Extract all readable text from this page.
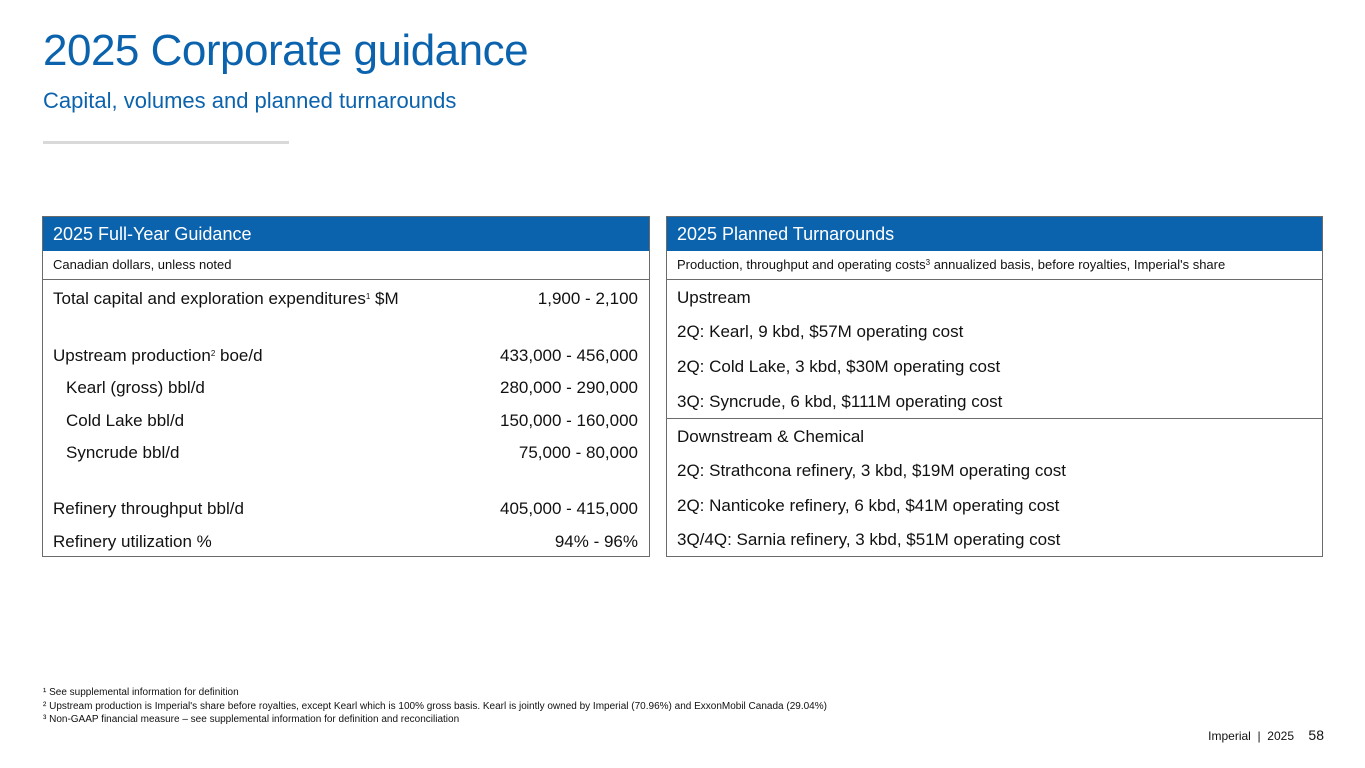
2025 Corporate guidance
Capital, volumes and planned turnarounds
2025 Full-Year Guidance
Canadian dollars, unless noted
Total capital and exploration expenditures$^1$ $M	1,900 - 2,100
Upstream production$^2$ boe/d	433,000 - 456,000
Kearl (gross) bbl/d	280,000 - 290,000
Cold Lake bbl/d	150,000 - 160,000
Syncrude bbl/d	75,000 - 80,000
Refinery throughput bbl/d	405,000 - 415,000
Refinery utilization %	94% - 96%
2025 Planned Turnarounds
Production, throughput and operating costs$^3$ annualized basis, before royalties, Imperial's share
Upstream
2Q: Kearl, 9 kbd, $57M operating cost
2Q: Cold Lake, 3 kbd, $30M operating cost
3Q: Syncrude, 6 kbd, $111M operating cost
Downstream & Chemical
2Q: Strathcona refinery, 3 kbd, $19M operating cost
2Q: Nanticoke refinery, 6 kbd, $41M operating cost
3Q/4Q: Sarnia refinery, 3 kbd, $51M operating cost
¹ See supplemental information for definition
² Upstream production is Imperial's share before royalties, except Kearl which is 100% gross basis. Kearl is jointly owned by Imperial (70.96%) and ExxonMobil Canada (29.04%)
³ Non-GAAP financial measure – see supplemental information for definition and reconciliation
Imperial  |  2025 58
